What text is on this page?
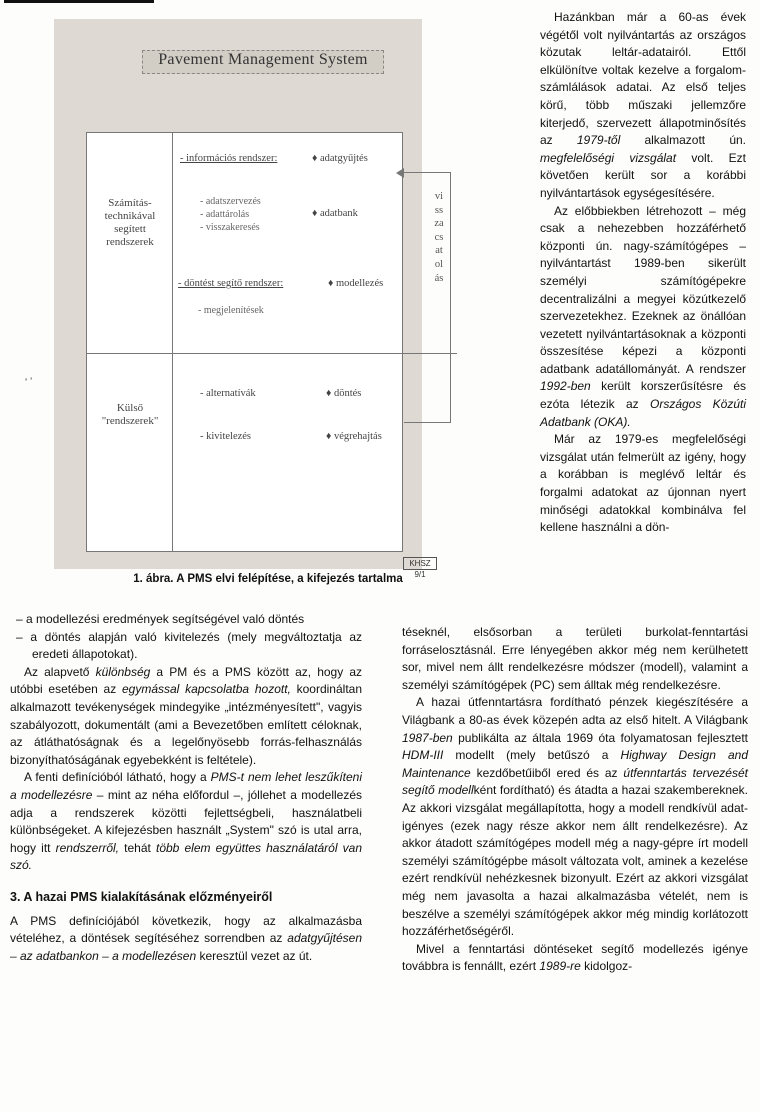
Pavement Management System
Számítás-technikával segített rendszerek
Külső "rendszerek"
- információs rendszer:	♦ adatgyűjtés
- adatszervezés
- adattárolás
- visszakeresés
♦ adatbank
- döntést segítő rendszer:	♦ modellezés
- megjelenítések
- alternatívák	♦ döntés
- kivitelezés	♦ végrehajtás
visszacsatolás
KHSZ 9/1
1. ábra. A PMS elvi felépítése, a kifejezés tartalma
‘ ʼ

Hazánkban már a 60-as évek végétől volt nyilvántartás az országos közutak leltár-adatairól. Ettől elkülönítve voltak kezelve a forgalom-számlálások adatai. Az első teljes körű, több műszaki jellemzőre kiterjedő, szervezett állapotminősítés az 1979-től alkalmazott ún. megfelelőségi vizsgálat volt. Ezt követően került sor a korábbi nyilvántartások egységesítésére.

Az előbbiekben létrehozott – még csak a nehezebben hozzáférhető központi ún. nagy-számítógépes – nyilvántartást 1989-ben sikerült személyi számítógépekre decentralizálni a megyei közútkezelő szervezetekhez. Ezeknek az önállóan vezetett nyilvántartásoknak a központi összesítése képezi a központi adatbank adatállományát. A rendszer 1992-ben került korszerűsítésre és ezóta létezik az Országos Közúti Adatbank (OKA).

Már az 1979-es megfelelőségi vizsgálat után felmerült az igény, hogy a korábban is meglévő leltár és forgalmi adatokat az újonnan nyert minőségi adatokkal kombinálva fel kellene használni a dön-

téseknél, elsősorban a területi burkolat-fenntartási forráselosztásnál. Erre lényegében akkor még nem kerülhetett sor, mivel nem állt rendelkezésre módszer (modell), valamint a személyi számítógépek (PC) sem álltak még rendelkezésre.

A hazai útfenntartásra fordítható pénzek kiegészítésére a Világbank a 80-as évek közepén adta az első hitelt. A Világbank 1987-ben publikálta az általa 1969 óta folyamatosan fejlesztett HDM-III modellt (mely betűszó a Highway Design and Maintenance kezdőbetűiből ered és az útfenntartás tervezését segítő modellként fordítható) és átadta a hazai szakembereknek. Az akkori vizsgálat megállapította, hogy a modell rendkívül adat-igényes (ezek nagy része akkor nem állt rendelkezésre). Az akkor átadott számítógépes modell még a nagy-gépre írt modell személyi számítógépbe másolt változata volt, aminek a kezelése ezért rendkívül nehézkesnek bizonyult. Ezért az akkori vizsgálat még nem javasolta a hazai alkalmazásba vételét, nem is beszélve a személyi számítógépek akkor még mindig korlátozott hozzáférhetőségéről.

Mivel a fenntartási döntéseket segítő modellezés igénye továbbra is fennállt, ezért 1989-re kidolgoz-

– a modellezési eredmények segítségével való döntés

– a döntés alapján való kivitelezés (mely megváltoztatja az eredeti állapotokat).

Az alapvető különbség a PM és a PMS között az, hogy az utóbbi esetében az egymással kapcsolatba hozott, koordináltan alkalmazott tevékenységek mindegyike „intézményesített", vagyis szabályozott, dokumentált (ami a Bevezetőben említett céloknak, az átláthatóságnak és a legelőnyösebb forrás-felhasználás bizonyíthatóságának egyebekként is feltétele).

A fenti definícióból látható, hogy a PMS-t nem lehet leszűkíteni a modellezésre – mint az néha előfordul –, jóllehet a modellezés adja a rendszerek közötti fejlettségbeli, használatbeli különbségeket. A kifejezésben használt „System" szó is utal arra, hogy itt rendszerről, tehát több elem együttes használatáról van szó.

3. A hazai PMS kialakításának előzményeiről

A PMS definíciójából következik, hogy az alkalmazásba vételéhez, a döntések segítéséhez sorrendben az adatgyűjtésen – az adatbankon – a modellezésen keresztül vezet az út.
